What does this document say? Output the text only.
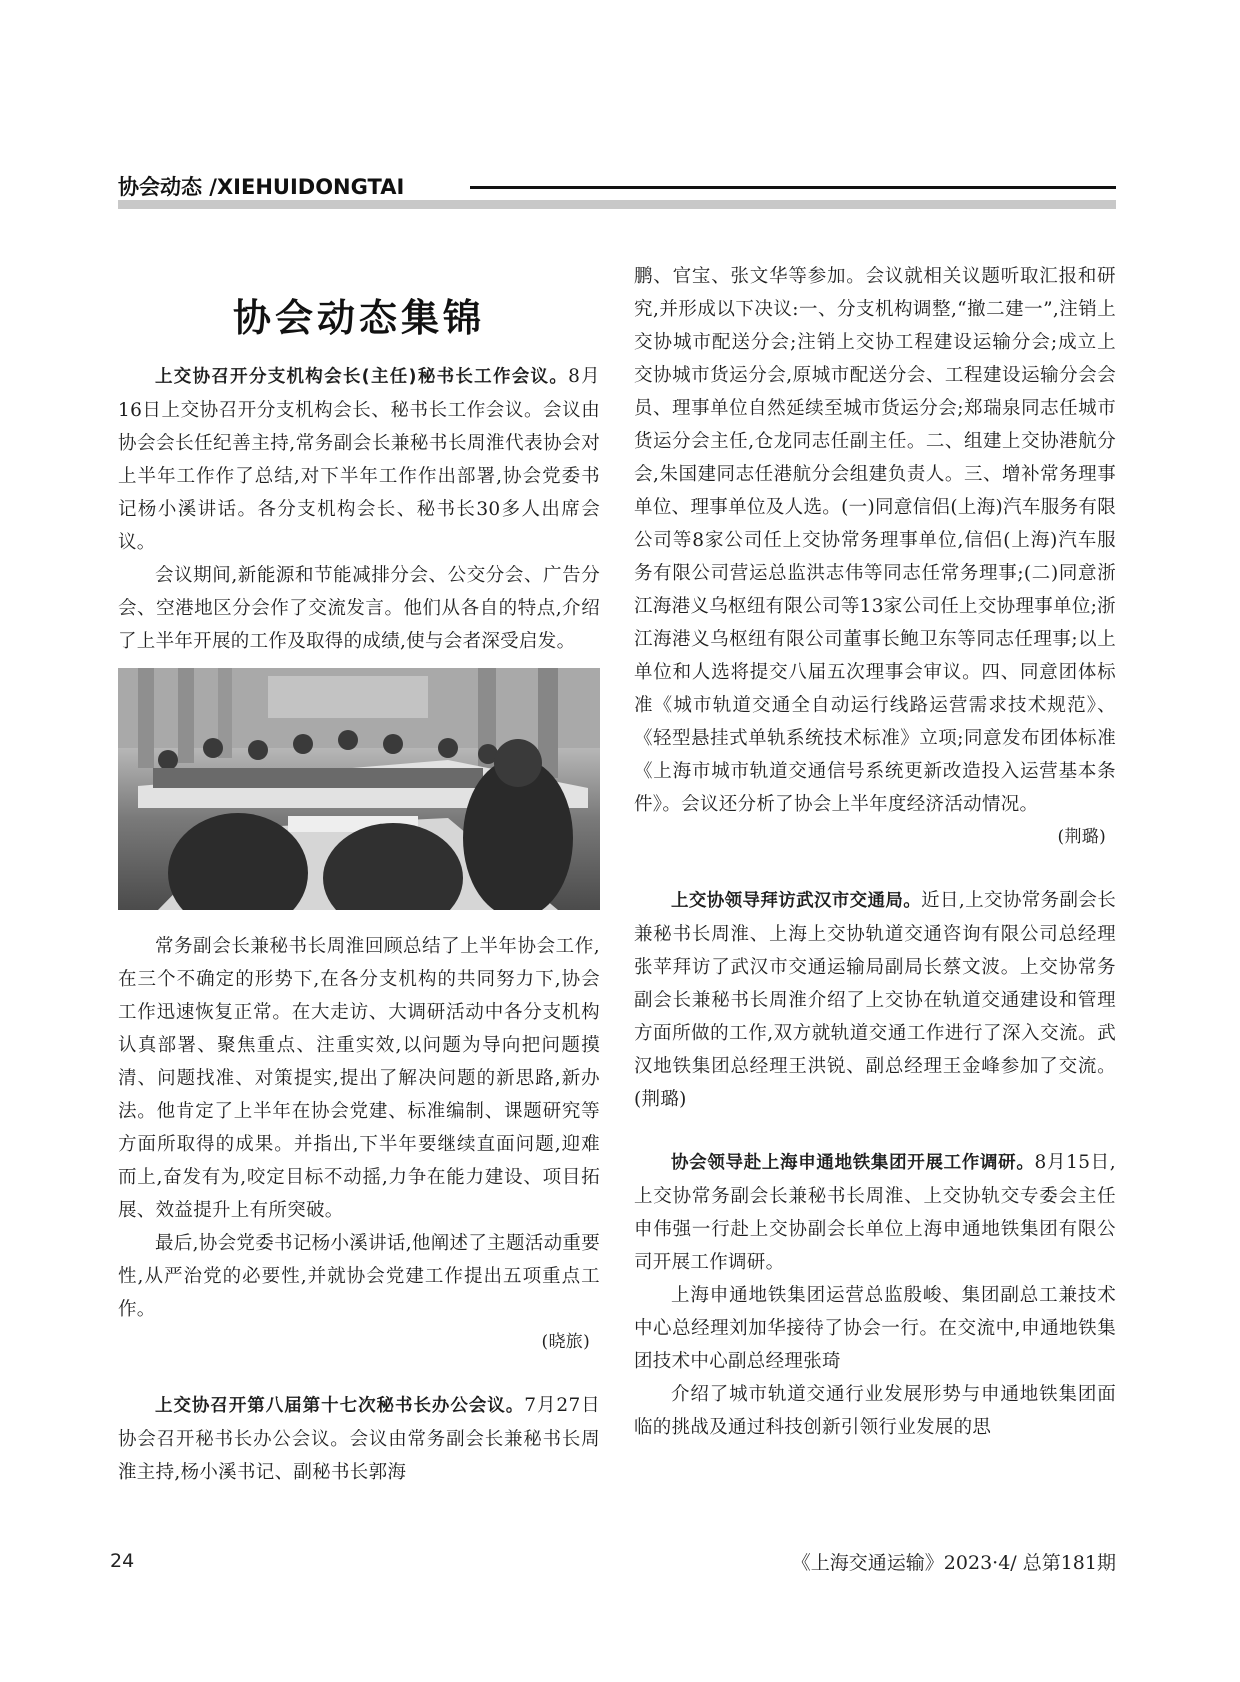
协会动态 /XIEHUIDONGTAI
协会动态集锦

上交协召开分支机构会长(主任)秘书长工作会议。8月16日上交协召开分支机构会长、秘书长工作会议。会议由协会会长任纪善主持,常务副会长兼秘书长周淮代表协会对上半年工作作了总结,对下半年工作作出部署,协会党委书记杨小溪讲话。各分支机构会长、秘书长30多人出席会议。

会议期间,新能源和节能减排分会、公交分会、广告分会、空港地区分会作了交流发言。他们从各自的特点,介绍了上半年开展的工作及取得的成绩,使与会者深受启发。

常务副会长兼秘书长周淮回顾总结了上半年协会工作,在三个不确定的形势下,在各分支机构的共同努力下,协会工作迅速恢复正常。在大走访、大调研活动中各分支机构认真部署、聚焦重点、注重实效,以问题为导向把问题摸清、问题找准、对策提实,提出了解决问题的新思路,新办法。他肯定了上半年在协会党建、标准编制、课题研究等方面所取得的成果。并指出,下半年要继续直面问题,迎难而上,奋发有为,咬定目标不动摇,力争在能力建设、项目拓展、效益提升上有所突破。

最后,协会党委书记杨小溪讲话,他阐述了主题活动重要性,从严治党的必要性,并就协会党建工作提出五项重点工作。
(晓旅)

上交协召开第八届第十七次秘书长办公会议。7月27日协会召开秘书长办公会议。会议由常务副会长兼秘书长周淮主持,杨小溪书记、副秘书长郭海

鹏、官宝、张文华等参加。会议就相关议题听取汇报和研究,并形成以下决议:一、分支机构调整,“撤二建一”,注销上交协城市配送分会;注销上交协工程建设运输分会;成立上交协城市货运分会,原城市配送分会、工程建设运输分会会员、理事单位自然延续至城市货运分会;郑瑞泉同志任城市货运分会主任,仓龙同志任副主任。二、组建上交协港航分会,朱国建同志任港航分会组建负责人。三、增补常务理事单位、理事单位及人选。(一)同意信侣(上海)汽车服务有限公司等8家公司任上交协常务理事单位,信侣(上海)汽车服务有限公司营运总监洪志伟等同志任常务理事;(二)同意浙江海港义乌枢纽有限公司等13家公司任上交协理事单位;浙江海港义乌枢纽有限公司董事长鲍卫东等同志任理事;以上单位和人选将提交八届五次理事会审议。四、同意团体标准《城市轨道交通全自动运行线路运营需求技术规范》、《轻型悬挂式单轨系统技术标准》立项;同意发布团体标准《上海市城市轨道交通信号系统更新改造投入运营基本条件》。会议还分析了协会上半年度经济活动情况。
(荆璐)

上交协领导拜访武汉市交通局。近日,上交协常务副会长兼秘书长周淮、上海上交协轨道交通咨询有限公司总经理张苹拜访了武汉市交通运输局副局长蔡文波。上交协常务副会长兼秘书长周淮介绍了上交协在轨道交通建设和管理方面所做的工作,双方就轨道交通工作进行了深入交流。武汉地铁集团总经理王洪锐、副总经理王金峰参加了交流。(荆璐)

协会领导赴上海申通地铁集团开展工作调研。8月15日,上交协常务副会长兼秘书长周淮、上交协轨交专委会主任申伟强一行赴上交协副会长单位上海申通地铁集团有限公司开展工作调研。

上海申通地铁集团运营总监殷峻、集团副总工兼技术中心总经理刘加华接待了协会一行。在交流中,申通地铁集团技术中心副总经理张琦

介绍了城市轨道交通行业发展形势与申通地铁集团面临的挑战及通过科技创新引领行业发展的思

24	《上海交通运输》2023·4/ 总第181期
